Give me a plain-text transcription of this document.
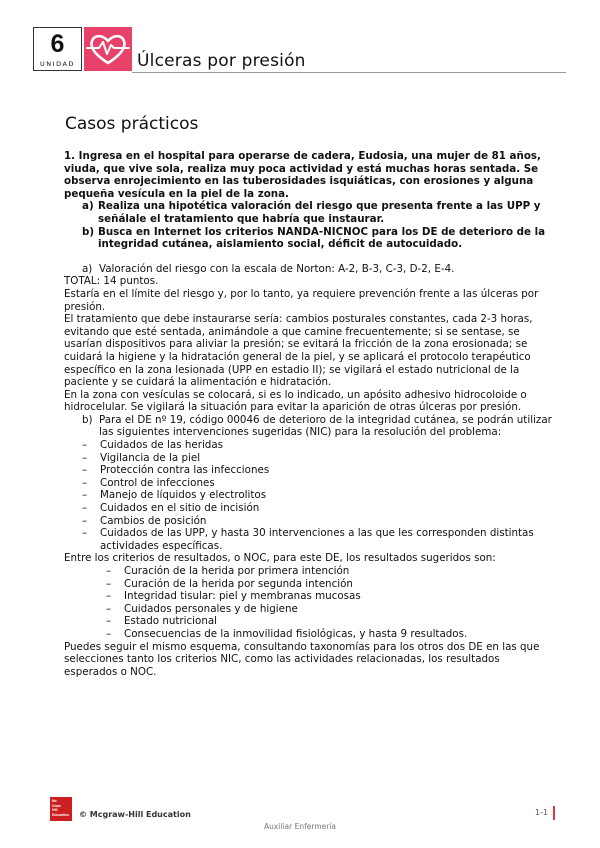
6
UNIDAD	Úlceras por presión
Casos prácticos

1. Ingresa en el hospital para operarse de cadera, Eudosia, una mujer de 81 años, viuda, que vive sola, realiza muy poca actividad y está muchas horas sentada. Se observa enrojecimiento en las tuberosidades isquiáticas, con erosiones y alguna pequeña vesícula en la piel de la zona.

a) Realiza una hipotética valoración del riesgo que presenta frente a las UPP y señálale el tratamiento que habría que instaurar.
b) Busca en Internet los criterios NANDA-NICNOC para los DE de deterioro de la integridad cutánea, aislamiento social, déficit de autocuidado.
a) Valoración del riesgo con la escala de Norton: A-2, B-3, C-3, D-2, E-4.

TOTAL: 14 puntos.

Estaría en el límite del riesgo y, por lo tanto, ya requiere prevención frente a las úlceras por presión.

El tratamiento que debe instaurarse sería: cambios posturales constantes, cada 2-3 horas, evitando que esté sentada, animándole a que camine frecuentemente; si se sentase, se usarían dispositivos para aliviar la presión; se evitará la fricción de la zona erosionada; se cuidará la higiene y la hidratación general de la piel, y se aplicará el protocolo terapéutico específico en la zona lesionada (UPP en estadio II); se vigilará el estado nutricional de la paciente y se cuidará la alimentación e hidratación.

En la zona con vesículas se colocará, si es lo indicado, un apósito adhesivo hidrocoloide o hidrocelular. Se vigilará la situación para evitar la aparición de otras úlceras por presión.

b) Para el DE nº 19, código 00046 de deterioro de la integridad cutánea, se podrán utilizar las siguientes intervenciones sugeridas (NIC) para la resolución del problema:
–	Cuidados de las heridas
–	Vigilancia de la piel
–	Protección contra las infecciones
–	Control de infecciones
–	Manejo de líquidos y electrolitos
–	Cuidados en el sitio de incisión
–	Cambios de posición
–	Cuidados de las UPP, y hasta 30 intervenciones a las que les corresponden distintas actividades específicas.

Entre los criterios de resultados, o NOC, para este DE, los resultados sugeridos son:

–	Curación de la herida por primera intención
–	Curación de la herida por segunda intención
–	Integridad tisular: piel y membranas mucosas
–	Cuidados personales y de higiene
–	Estado nutricional
–	Consecuencias de la inmovilidad fisiológicas, y hasta 9 resultados.

Puedes seguir el mismo esquema, consultando taxonomías para los otros dos DE en las que selecciones tanto los criterios NIC, como las actividades relacionadas, los resultados esperados o NOC.

Mc
Graw
Hill
Education	© Mcgraw-Hill Education	1-1
Auxiliar Enfermería
